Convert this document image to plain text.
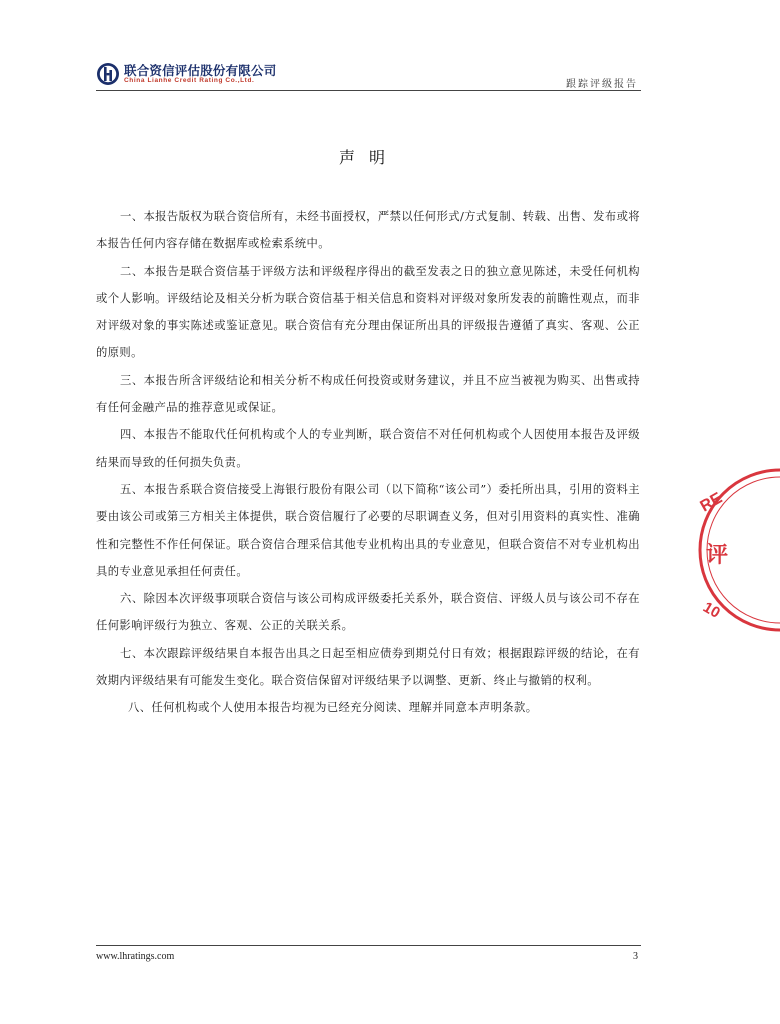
联合资信评估股份有限公司
China Lianhe Credit Rating Co.,Ltd.	跟踪评级报告
声明

一、本报告版权为联合资信所有，未经书面授权，严禁以任何形式/方式复制、转载、出售、发布或将本报告任何内容存储在数据库或检索系统中。

二、本报告是联合资信基于评级方法和评级程序得出的截至发表之日的独立意见陈述，未受任何机构或个人影响。评级结论及相关分析为联合资信基于相关信息和资料对评级对象所发表的前瞻性观点，而非对评级对象的事实陈述或鉴证意见。联合资信有充分理由保证所出具的评级报告遵循了真实、客观、公正的原则。

三、本报告所含评级结论和相关分析不构成任何投资或财务建议，并且不应当被视为购买、出售或持有任何金融产品的推荐意见或保证。

四、本报告不能取代任何机构或个人的专业判断，联合资信不对任何机构或个人因使用本报告及评级结果而导致的任何损失负责。

五、本报告系联合资信接受上海银行股份有限公司（以下简称“该公司”）委托所出具，引用的资料主要由该公司或第三方相关主体提供，联合资信履行了必要的尽职调查义务，但对引用资料的真实性、准确性和完整性不作任何保证。联合资信合理采信其他专业机构出具的专业意见，但联合资信不对专业机构出具的专业意见承担任何责任。

六、除因本次评级事项联合资信与该公司构成评级委托关系外，联合资信、评级人员与该公司不存在任何影响评级行为独立、客观、公正的关联关系。

七、本次跟踪评级结果自本报告出具之日起至相应债券到期兑付日有效；根据跟踪评级的结论，在有效期内评级结果有可能发生变化。联合资信保留对评级结果予以调整、更新、终止与撤销的权利。

八、任何机构或个人使用本报告均视为已经充分阅读、理解并同意本声明条款。

RE
评
10
www.lhratings.com	3
